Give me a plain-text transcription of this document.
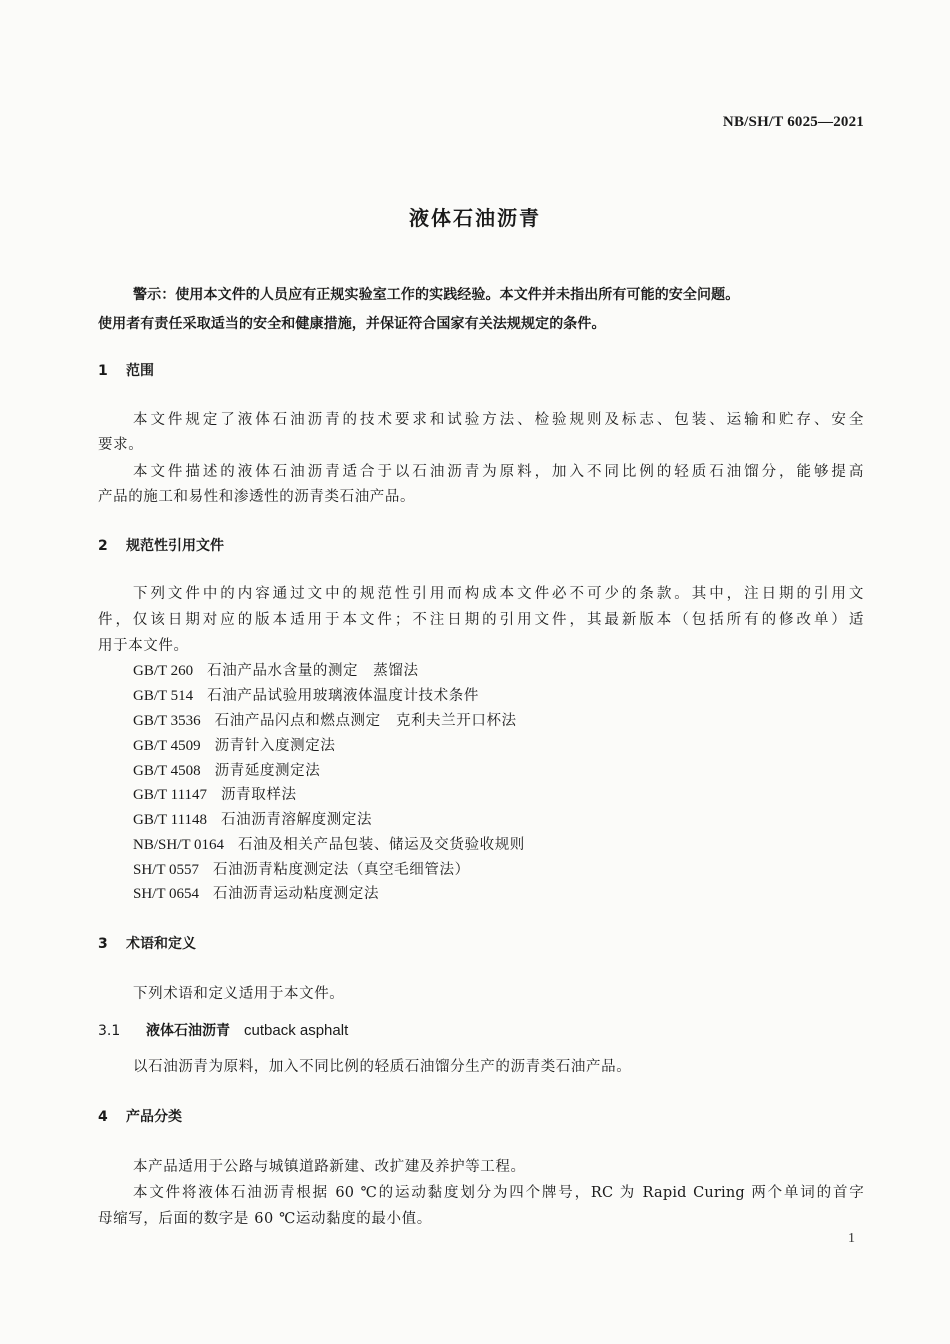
NB/SH/T 6025—2021
液体石油沥青
警示：使用本文件的人员应有正规实验室工作的实践经验。本文件并未指出所有可能的安全问题。
使用者有责任采取适当的安全和健康措施，并保证符合国家有关法规规定的条件。
1 范围
本文件规定了液体石油沥青的技术要求和试验方法、检验规则及标志、包装、运输和贮存、安全
要求。
本文件描述的液体石油沥青适合于以石油沥青为原料，加入不同比例的轻质石油馏分，能够提高
产品的施工和易性和渗透性的沥青类石油产品。
2 规范性引用文件
下列文件中的内容通过文中的规范性引用而构成本文件必不可少的条款。其中，注日期的引用文
件，仅该日期对应的版本适用于本文件；不注日期的引用文件，其最新版本（包括所有的修改单）适
用于本文件。
GB/T 260 石油产品水含量的测定　蒸馏法
GB/T 514 石油产品试验用玻璃液体温度计技术条件
GB/T 3536 石油产品闪点和燃点测定　克利夫兰开口杯法
GB/T 4509 沥青针入度测定法
GB/T 4508 沥青延度测定法
GB/T 11147 沥青取样法
GB/T 11148 石油沥青溶解度测定法
NB/SH/T 0164 石油及相关产品包装、储运及交货验收规则
SH/T 0557 石油沥青粘度测定法（真空毛细管法）
SH/T 0654 石油沥青运动粘度测定法
3 术语和定义
下列术语和定义适用于本文件。
3.1 液体石油沥青 cutback asphalt
以石油沥青为原料，加入不同比例的轻质石油馏分生产的沥青类石油产品。
4 产品分类
本产品适用于公路与城镇道路新建、改扩建及养护等工程。
本文件将液体石油沥青根据 60 ℃的运动黏度划分为四个牌号，RC 为 Rapid Curing 两个单词的首字
母缩写，后面的数字是 60 ℃运动黏度的最小值。
1
